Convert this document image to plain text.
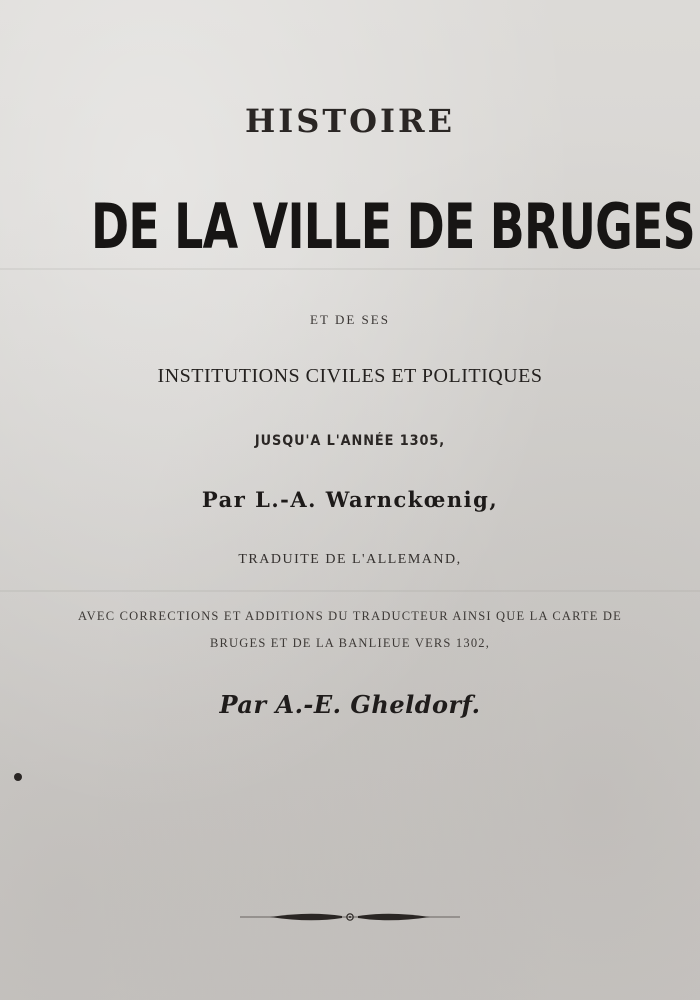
HISTOIRE
DE LA VILLE DE BRUGES
ET DE SES
INSTITUTIONS CIVILES ET POLITIQUES
JUSQU'A L'ANNÉE 1305,
Par L.-A. Warnckœnig,
TRADUITE DE L'ALLEMAND,
AVEC CORRECTIONS ET ADDITIONS DU TRADUCTEUR AINSI QUE LA CARTE DE
BRUGES ET DE LA BANLIEUE VERS 1302,
Par A.-E. Gheldorf.
